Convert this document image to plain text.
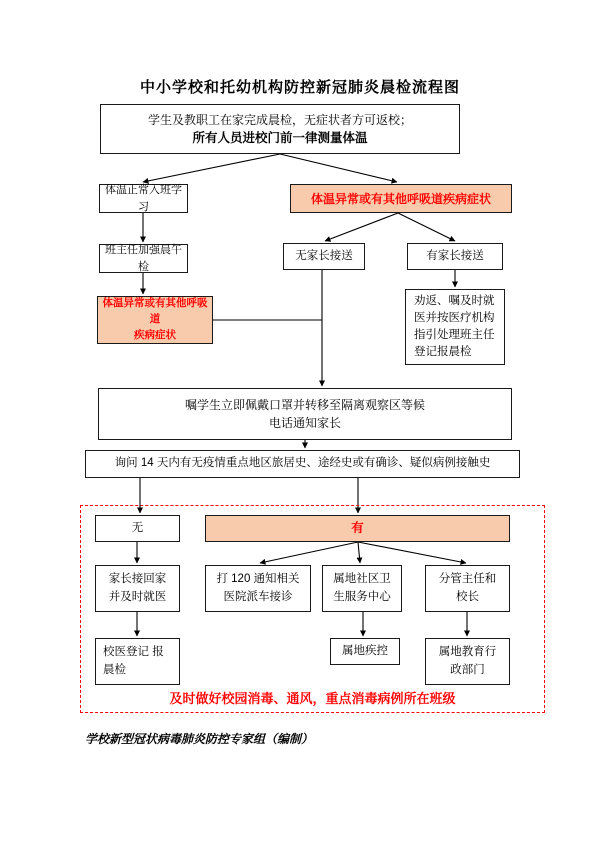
中小学校和托幼机构防控新冠肺炎晨检流程图
学生及教职工在家完成晨检，无症状者方可返校；
所有人员进校门前一律测量体温
体温正常入班学习
体温异常或有其他呼吸道疾病症状
班主任加强晨午检
体温异常或有其他呼吸道
疾病症状
无家长接送	有家长接送
劝返、嘱及时就
医并按医疗机构
指引处理班主任
登记报晨检
嘱学生立即佩戴口罩并转移至隔离观察区等候
电话通知家长
询问 14 天内有无疫情重点地区旅居史、途经史或有确诊、疑似病例接触史
无	有
家长接回家
并及时就医
打 120 通知相关
医院派车接诊
属地社区卫
生服务中心
分管主任和
校长
校医登记 报
晨检
属地疾控	属地教育行
政部门
及时做好校园消毒、通风，重点消毒病例所在班级
学校新型冠状病毒肺炎防控专家组（编制）
